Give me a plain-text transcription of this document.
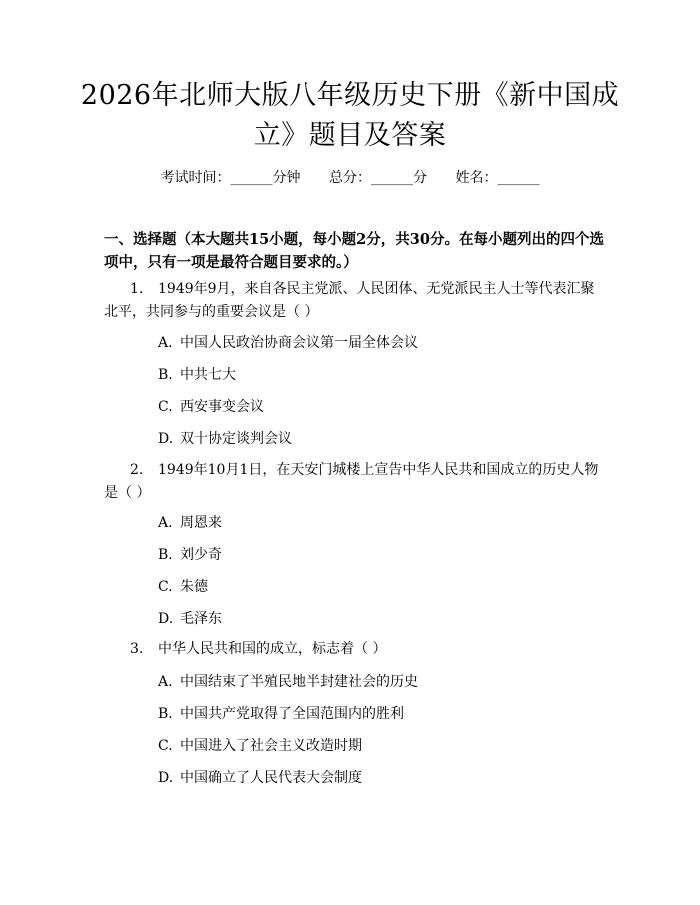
2026年北师大版八年级历史下册《新中国成立》题目及答案
考试时间：______分钟 总分：______分 姓名：______
一、选择题（本大题共15小题，每小题2分，共30分。在每小题列出的四个选项中，只有一项是最符合题目要求的。）
1. 1949年9月，来自各民主党派、人民团体、无党派民主人士等代表汇聚北平，共同参与的重要会议是（ ）
A. 中国人民政治协商会议第一届全体会议
B. 中共七大
C. 西安事变会议
D. 双十协定谈判会议
2. 1949年10月1日，在天安门城楼上宣告中华人民共和国成立的历史人物是（ ）
A. 周恩来
B. 刘少奇
C. 朱德
D. 毛泽东
3. 中华人民共和国的成立，标志着（ ）
A. 中国结束了半殖民地半封建社会的历史
B. 中国共产党取得了全国范围内的胜利
C. 中国进入了社会主义改造时期
D. 中国确立了人民代表大会制度
